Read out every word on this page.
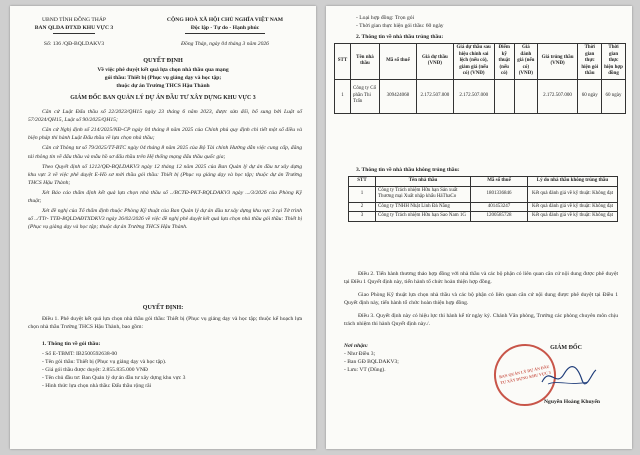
UBND TỈNH ĐỒNG THÁP
BAN QLDA ĐTXD KHU VỰC 3
Số: 136 /QĐ-BQLDAKV3
CỘNG HOÀ XÃ HỘI CHỦ NGHĨA VIỆT NAM
Độc lập - Tự do - Hạnh phúc
Đồng Tháp, ngày 04 tháng 3 năm 2026
QUYẾT ĐỊNH
Về việc phê duyệt kết quả lựa chọn nhà thầu qua mạng
gói thầu: Thiết bị (Phục vụ giảng dạy và học tập;
thuộc dự án Trường THCS Hậu Thành
GIÁM ĐỐC BAN QUẢN LÝ DỰ ÁN ĐẦU TƯ XÂY DỰNG KHU VỰC 3
Căn cứ Luật Đấu thầu số 22/2023/QH15 ngày 23 tháng 6 năm 2023, được sửa đổi, bổ sung bởi Luật số 57/2024/QH15, Luật số 90/2025/QH15;
Căn cứ Nghị định số 214/2025/NĐ-CP ngày 04 tháng 8 năm 2025 của Chính phủ quy định chi tiết một số điều và biện pháp thi hành Luật Đấu thầu về lựa chọn nhà thầu;
Căn cứ Thông tư số 79/2025/TT-BTC ngày 04 tháng 8 năm 2025 của Bộ Tài chính Hướng dẫn việc cung cấp, đăng tải thông tin về đấu thầu và mẫu hồ sơ đấu thầu trên Hệ thống mạng đấu thầu quốc gia;
Theo Quyết định số 1212/QĐ-BQLDAKV3 ngày 12 tháng 12 năm 2025 của Ban Quản lý dự án đầu tư xây dựng khu vực 3 về việc phê duyệt E-Hồ sơ mời thầu gói thầu: Thiết bị (Phục vụ giảng dạy và học tập; thuộc dự án Trường THCS Hậu Thành;
Xét Báo cáo thẩm định kết quả lựa chọn nhà thầu số ../BCTĐ-PKT-BQLDAKV3 ngày .../3/2026 của Phòng Kỹ thuật;
Xét đề nghị của Tổ thẩm định thuộc Phòng Kỹ thuật của Ban Quản lý dự án đầu tư xây dựng khu vực 3 tại Tờ trình số ../TTr- TTĐ-BQLDAĐTXDKV3 ngày 26/02/2026 về việc đề nghị phê duyệt kết quả lựa chọn nhà thầu gói thầu: Thiết bị (Phục vụ giảng dạy và học tập; thuộc dự án Trường THCS Hậu Thành.
QUYẾT ĐỊNH:
Điều 1. Phê duyệt kết quả lựa chọn nhà thầu gói thầu: Thiết bị (Phục vụ giảng dạy và học tập; thuộc kế hoạch lựa chọn nhà thầu Trường THCS Hậu Thành, bao gồm:
1. Thông tin về gói thầu:
- Số E-TBMT: IB2500592638-00
- Tên gói thầu: Thiết bị (Phục vụ giảng dạy và học tập).
- Giá gói thầu được duyệt: 2.855.835.000 VNĐ
- Tên chủ đầu tư: Ban Quản lý dự án đầu tư xây dựng khu vực 3
- Hình thức lựa chọn nhà thầu: Đấu thầu rộng rãi
- Loại hợp đồng: Trọn gói
- Thời gian thực hiện gói thầu: 60 ngày
2. Thông tin về nhà thầu trúng thầu:
STT	Tên nhà thầu	Mã số thuế	Giá dự thầu (VNĐ)	Giá dự thầu sau hiệu chỉnh sai lệch (nếu có), giảm giá (nếu có) (VNĐ)	Điểm kỹ thuật (nếu có)	Giá đánh giá (nếu có) (VNĐ)	Giá trúng thầu (VNĐ)	Thời gian thực hiện gói thầu	Thời gian thực hiện hợp đồng
1	Công ty Cổ phần Thi Trấn	309424068	2.172.507.000	2.172.507.000			2.172.507.000	60 ngày	60 ngày
3. Thông tin về nhà thầu không trúng thầu:
STT	Tên nhà thầu	Mã số thuế	Lý do nhà thầu không trúng thầu
1	Công ty Trách nhiệm Hữu hạn Sản xuất Thương mại Xuất nhập khẩu HàThaCo	1801336846	Kết quả đánh giá về kỹ thuật: Không đạt
2	Công ty TNHH Nhật Linh Đà Nẵng	401453247	Kết quả đánh giá về kỹ thuật: Không đạt
3	Công ty Trách nhiệm Hữu hạn Sao Nam 1G	1200585728	Kết quả đánh giá về kỹ thuật: Không đạt
Điều 2. Tiến hành thương thảo hợp đồng với nhà thầu và các bộ phận có liên quan căn cứ nội dung được phê duyệt tại Điều 1 Quyết định này, tiến hành tổ chức hoàn thiện hợp đồng.
Giao Phòng Kỹ thuật lựa chọn nhà thầu và các bộ phận có liên quan căn cứ nội dung được phê duyệt tại Điều 1 Quyết định này, tiến hành tổ chức hoàn thiện hợp đồng.
Điều 3. Quyết định này có hiệu lực thi hành kể từ ngày ký. Chánh Văn phòng, Trưởng các phòng chuyên môn chịu trách nhiệm thi hành Quyết định này./.
Nơi nhận:
- Như Điều 3;
- Ban GĐ BQLDAKV3;
- Lưu: VT (Dũng).
GIÁM ĐỐC
BAN QUẢN LÝ DỰ ÁN ĐẦU TƯ XÂY DỰNG KHU VỰC 3
Nguyễn Hoàng Khuyến
